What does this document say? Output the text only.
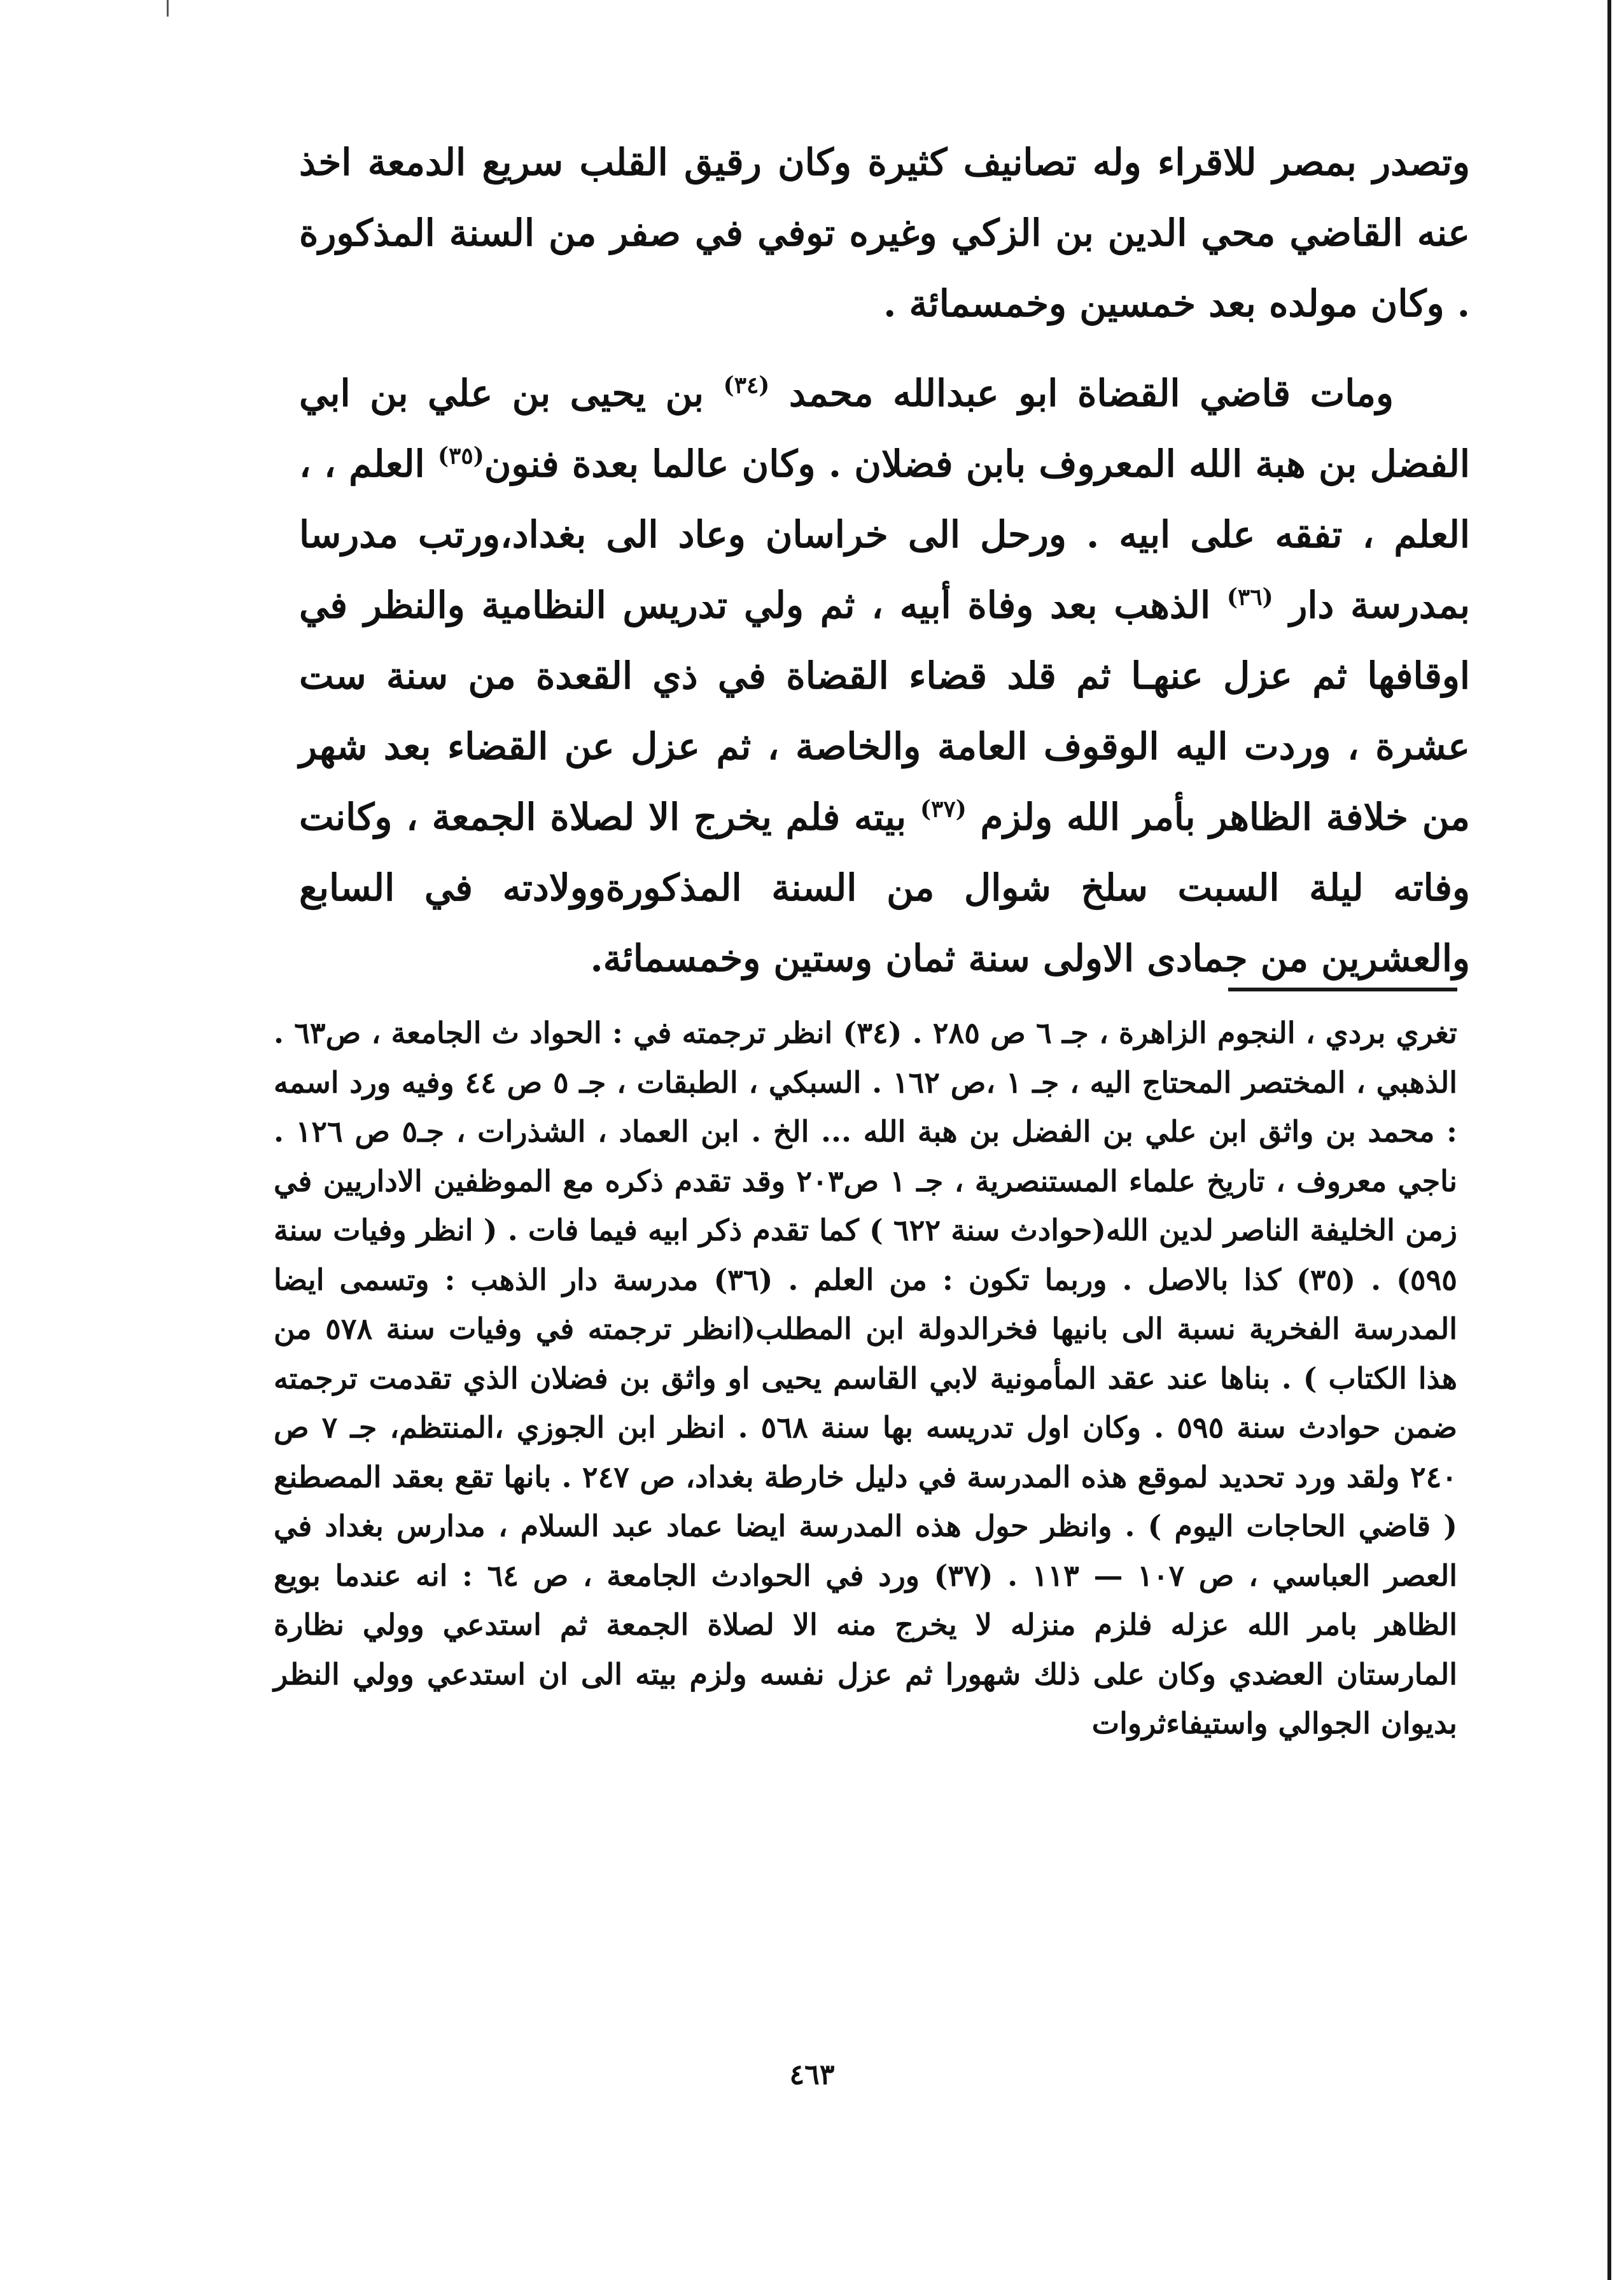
وتصدر بمصر للاقراء وله تصانيف كثيرة وكان رقيق القلب سريع الدمعة اخذ عنه القاضي محي الدين بن الزكي وغيره توفي في صفر من السنة المذكورة . وكان مولده بعد خمسين وخمسمائة .

ومات قاضي القضاة ابو عبدالله محمد $^{(٣٤)}$ بن يحيى بن علي بن ابي الفضل بن هبة الله المعروف بابن فضلان . وكان عالما بعدة فنون$^{(٣٥)}$ العلم ، ، العلم ، تفقه على ابيه . ورحل الى خراسان وعاد الى بغداد،ورتب مدرسا بمدرسة دار $^{(٣٦)}$ الذهب بعد وفاة أبيه ، ثم ولي تدريس النظامية والنظر في اوقافها ثم عزل عنهـا ثم قلد قضاء القضاة في ذي القعدة من سنة ست عشرة ، وردت اليه الوقوف العامة والخاصة ، ثم عزل عن القضاء بعد شهر من خلافة الظاهر بأمر الله ولزم $^{(٣٧)}$ بيته فلم يخرج الا لصلاة الجمعة ، وكانت وفاته ليلة السبت سلخ شوال من السنة المذكورةوولادته في السابع والعشرين من جمادى الاولى سنة ثمان وستين وخمسمائة.

تغري بردي ، النجوم الزاهرة ، جـ ٦ ص ٢٨٥ . (٣٤) انظر ترجمته في : الحواد ث الجامعة ، ص٦٣ . الذهبي ، المختصر المحتاج اليه ، جـ ١ ،ص ١٦٢ . السبكي ، الطبقات ، جـ ٥ ص ٤٤ وفيه ورد اسمه : محمد بن واثق ابن علي بن الفضل بن هبة الله ... الخ . ابن العماد ، الشذرات ، جـ٥ ص ١٢٦ . ناجي معروف ، تاريخ علماء المستنصرية ، جـ ١ ص٢٠٣ وقد تقدم ذكره مع الموظفين الاداريين في زمن الخليفة الناصر لدين الله(حوادث سنة ٦٢٢ ) كما تقدم ذكر ابيه فيما فات . ( انظر وفيات سنة ٥٩٥) . (٣٥) كذا بالاصل . وربما تكون : من العلم . (٣٦) مدرسة دار الذهب : وتسمى ايضا المدرسة الفخرية نسبة الى بانيها فخرالدولة ابن المطلب(انظر ترجمته في وفيات سنة ٥٧٨ من هذا الكتاب ) . بناها عند عقد المأمونية لابي القاسم يحيى او واثق بن فضلان الذي تقدمت ترجمته ضمن حوادث سنة ٥٩٥ . وكان اول تدريسه بها سنة ٥٦٨ . انظر ابن الجوزي ،المنتظم، جـ ٧ ص ٢٤٠ ولقد ورد تحديد لموقع هذه المدرسة في دليل خارطة بغداد، ص ٢٤٧ . بانها تقع بعقد المصطنع ( قاضي الحاجات اليوم ) . وانظر حول هذه المدرسة ايضا عماد عبد السلام ، مدارس بغداد في العصر العباسي ، ص ١٠٧ — ١١٣ . (٣٧) ورد في الحوادث الجامعة ، ص ٦٤ : انه عندما بويع الظاهر بامر الله عزله فلزم منزله لا يخرج منه الا لصلاة الجمعة ثم استدعي وولي نظارة المارستان العضدي وكان على ذلك شهورا ثم عزل نفسه ولزم بيته الى ان استدعي وولي النظر بديوان الجوالي واستيفاءثروات

٤٦٣
